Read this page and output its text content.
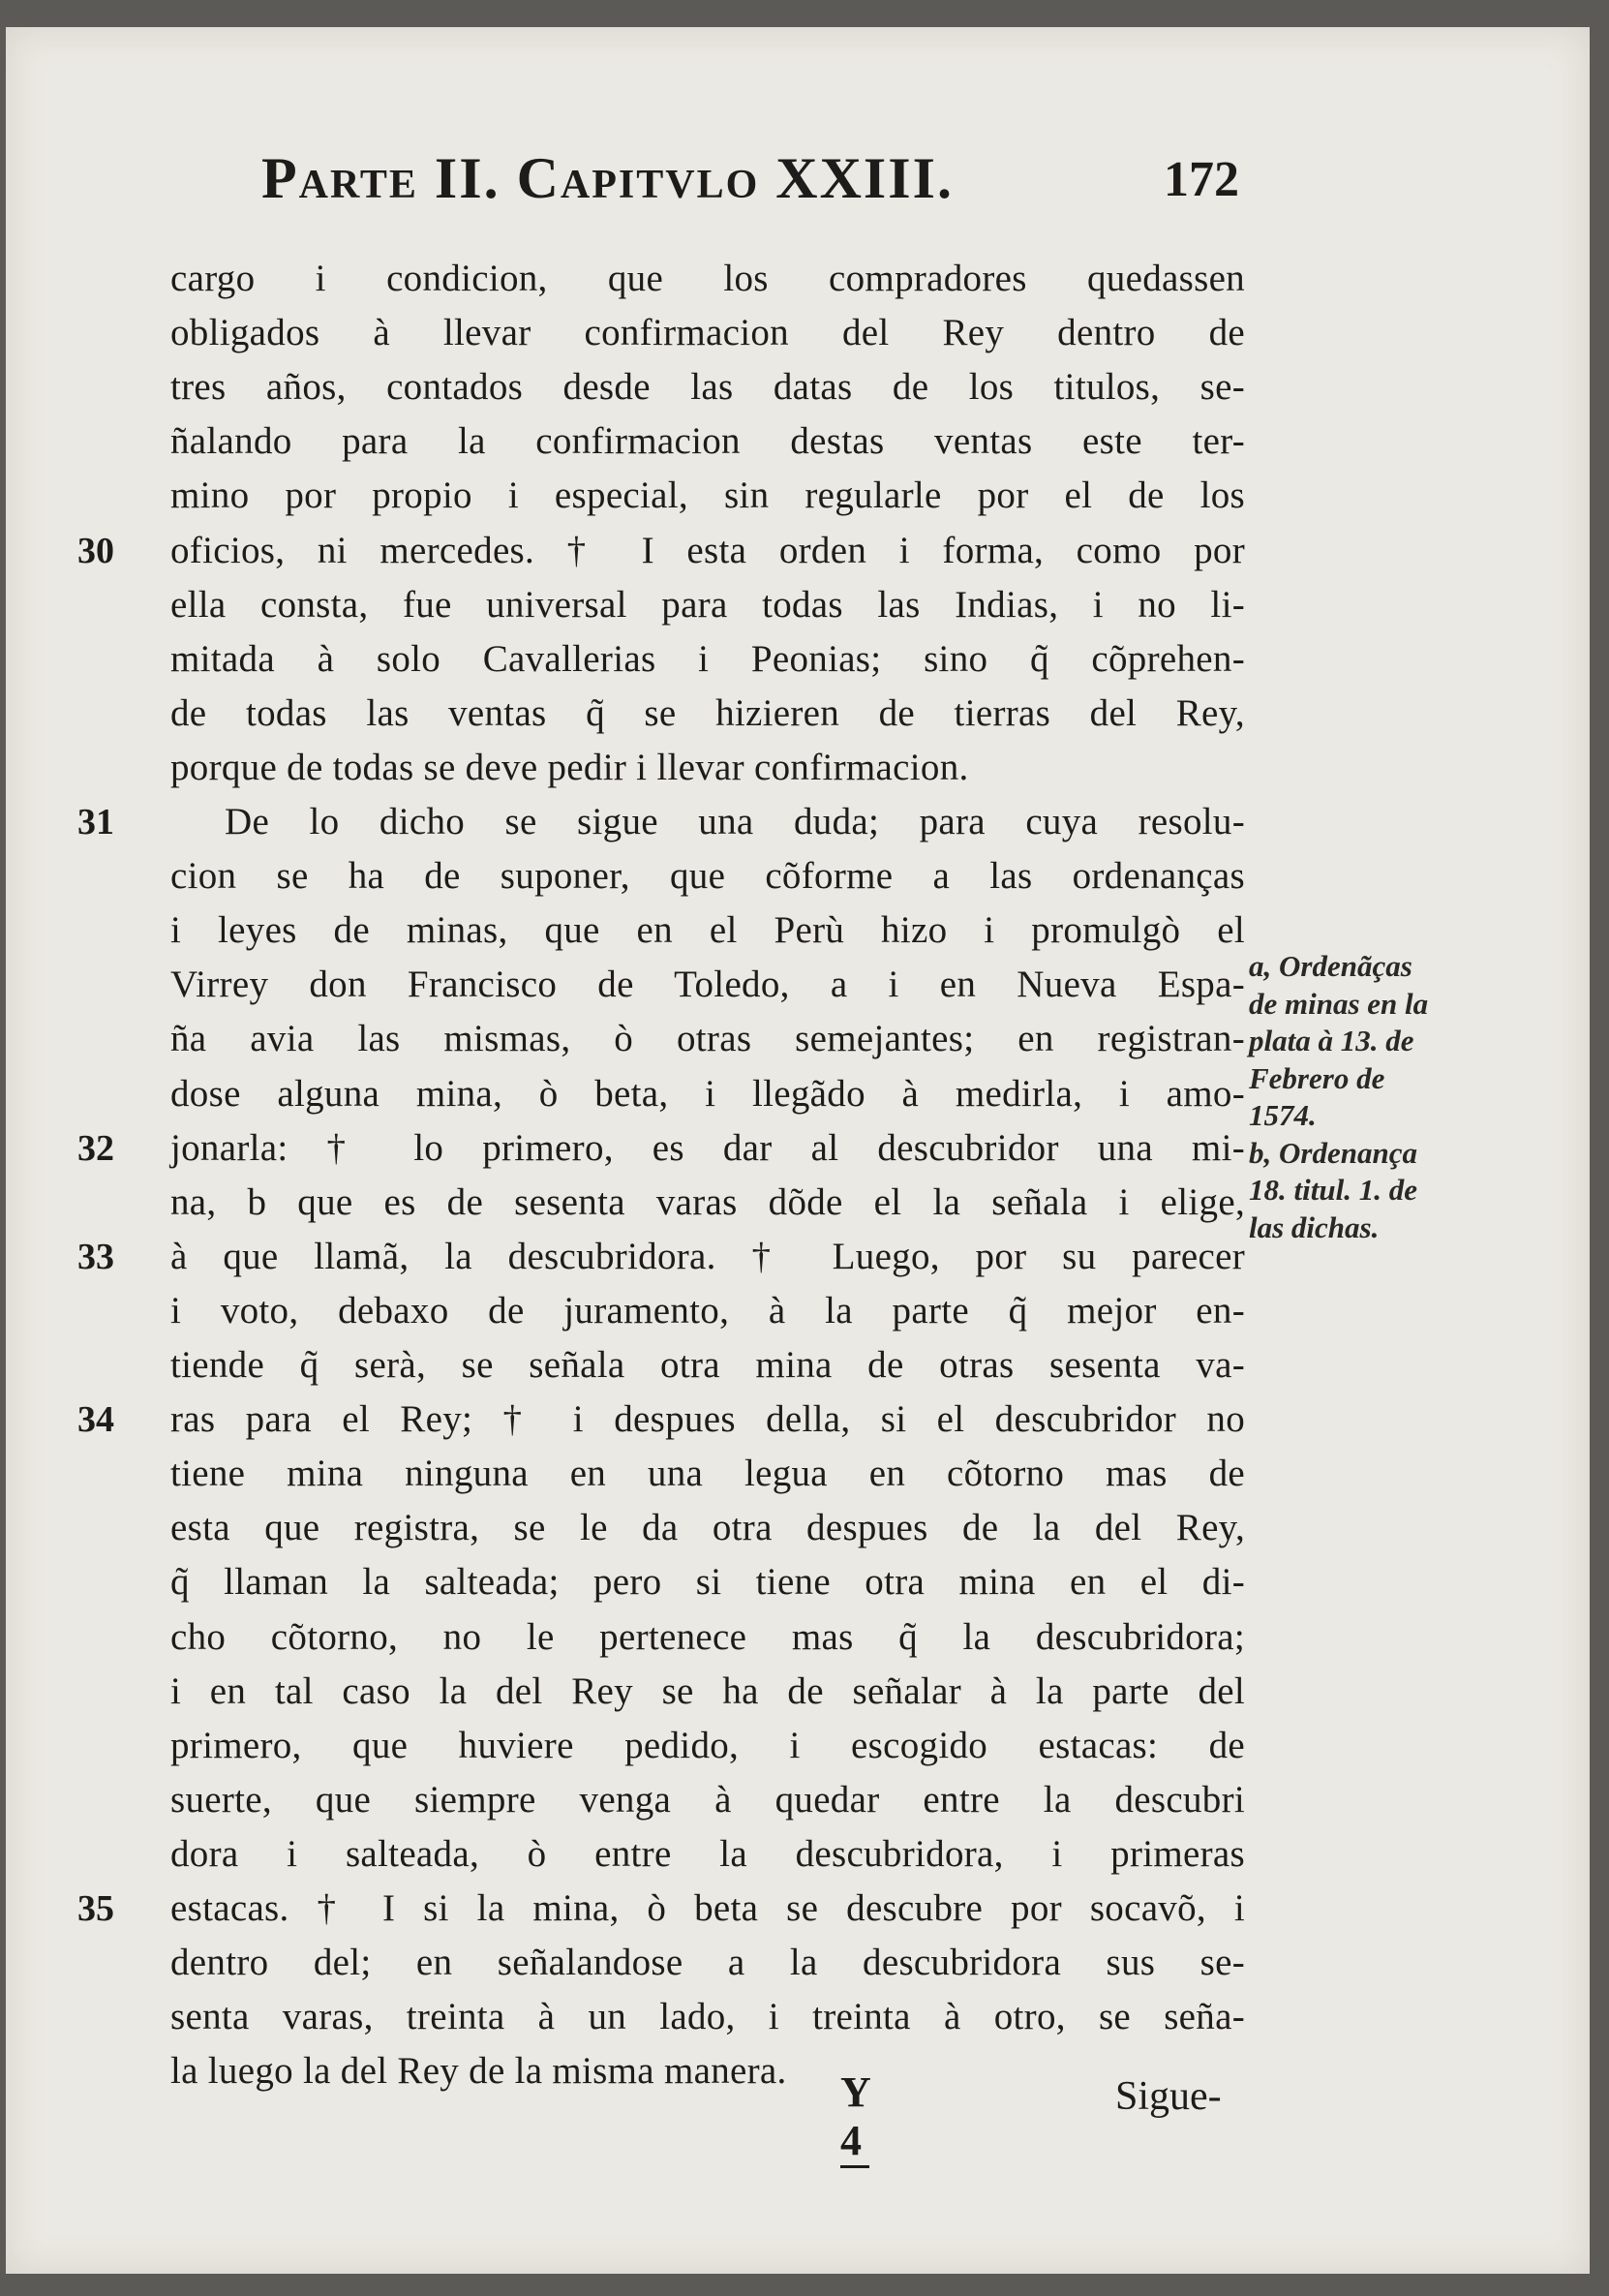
Parte II. Capitvlo XXIII.	172
cargo i condicion, que los compradores quedassen
obligados à llevar confirmacion del Rey dentro de
tres años, contados desde las datas de los titulos, se-
ñalando para la confirmacion destas ventas este ter-
mino por propio i especial, sin regularle por el de los
oficios, ni mercedes. † I esta orden i forma, como por
ella consta, fue universal para todas las Indias, i no li-
mitada à solo Cavallerias i Peonias; sino q̃ cõprehen-
de todas las ventas q̃ se hizieren de tierras del Rey,
porque de todas se deve pedir i llevar confirmacion.
De lo dicho se sigue una duda; para cuya resolu-
cion se ha de suponer, que cõforme a las ordenanças
i leyes de minas, que en el Perù hizo i promulgò el
Virrey don Francisco de Toledo, a i en Nueva Espa-
ña avia las mismas, ò otras semejantes; en registran-
dose alguna mina, ò beta, i llegãdo à medirla, i amo-
jonarla: † lo primero, es dar al descubridor una mi-
na, b que es de sesenta varas dõde el la señala i elige,
à que llamã, la descubridora. † Luego, por su parecer
i voto, debaxo de juramento, à la parte q̃ mejor en-
tiende q̃ serà, se señala otra mina de otras sesenta va-
ras para el Rey; † i despues della, si el descubridor no
tiene mina ninguna en una legua en cõtorno mas de
esta que registra, se le da otra despues de la del Rey,
q̃ llaman la salteada; pero si tiene otra mina en el di-
cho cõtorno, no le pertenece mas q̃ la descubridora;
i en tal caso la del Rey se ha de señalar à la parte del
primero, que huviere pedido, i escogido estacas: de
suerte, que siempre venga à quedar entre la descubri
dora i salteada, ò entre la descubridora, i primeras
estacas. † I si la mina, ò beta se descubre por socavõ, i
dentro del; en señalandose a la descubridora sus se-
senta varas, treinta à un lado, i treinta à otro, se seña-
la luego la del Rey de la misma manera.
30
31
32
33
34
35
a, Ordenãças
de minas en la
plata à 13. de
Febrero de
1574.
b, Ordenança
18. titul. 1. de
las dichas.
Y 4
Sigue-
